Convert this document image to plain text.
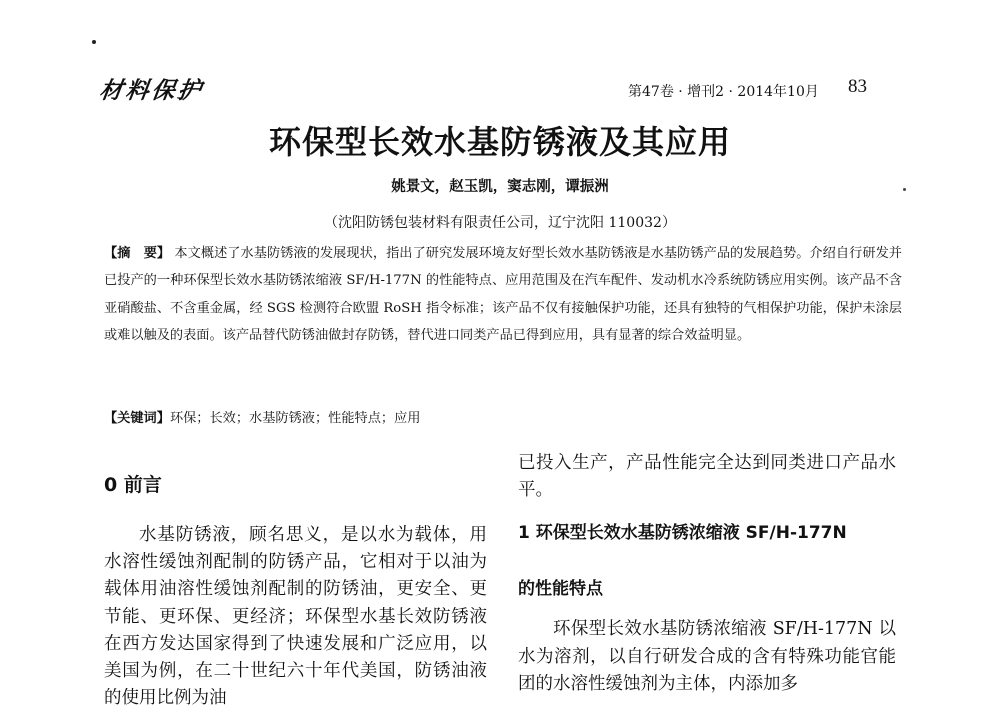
材料保护	第47卷 · 增刊2 · 2014年10月 83
环保型长效水基防锈液及其应用
姚景文，赵玉凯，窦志刚，谭振洲
（沈阳防锈包装材料有限责任公司，辽宁沈阳 110032）
【摘　要】 本文概述了水基防锈液的发展现状，指出了研究发展环境友好型长效水基防锈液是水基防锈产品的发展趋势。介绍自行研发并已投产的一种环保型长效水基防锈浓缩液 SF/H-177N 的性能特点、应用范围及在汽车配件、发动机水冷系统防锈应用实例。该产品不含亚硝酸盐、不含重金属，经 SGS 检测符合欧盟 RoSH 指令标准；该产品不仅有接触保护功能，还具有独特的气相保护功能，保护未涂层或难以触及的表面。该产品替代防锈油做封存防锈，替代进口同类产品已得到应用，具有显著的综合效益明显。
【关键词】环保；长效；水基防锈液；性能特点；应用
0 前言

水基防锈液，顾名思义，是以水为载体，用水溶性缓蚀剂配制的防锈产品，它相对于以油为载体用油溶性缓蚀剂配制的防锈油，更安全、更节能、更环保、更经济；环保型水基长效防锈液在西方发达国家得到了快速发展和广泛应用，以美国为例，在二十世纪六十年代美国，防锈油液的使用比例为油

已投入生产，产品性能完全达到同类进口产品水平。

1 环保型长效水基防锈浓缩液 SF/H-177N
的性能特点

环保型长效水基防锈浓缩液 SF/H-177N 以水为溶剂，以自行研发合成的含有特殊功能官能团的水溶性缓蚀剂为主体，内添加多
